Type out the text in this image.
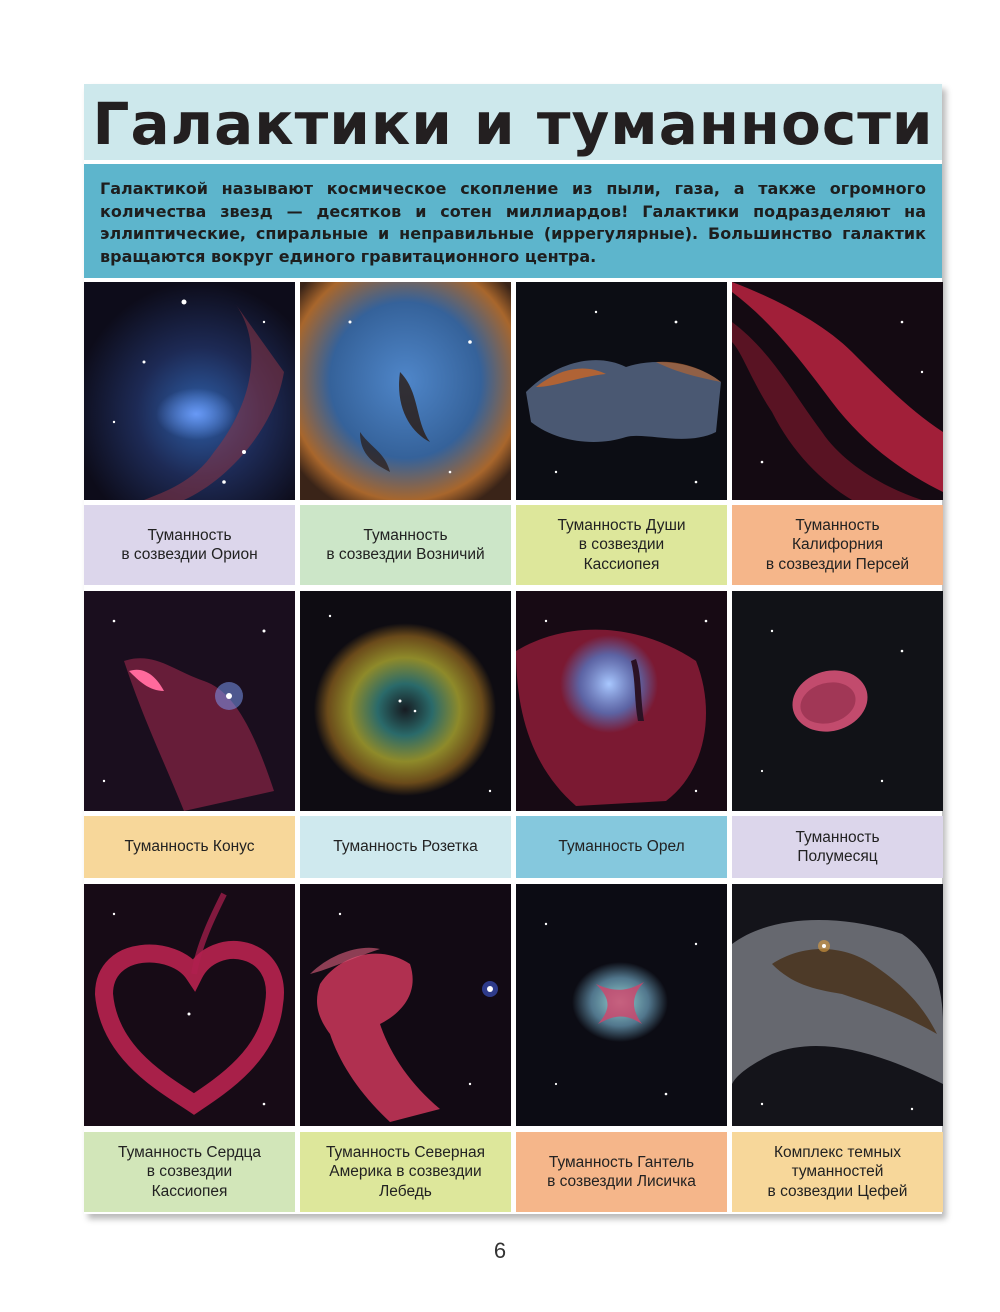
Галактики и туманности
Галактикой называют космическое скопление из пыли, газа, а также огромного количества звезд — десятков и сотен миллиардов! Галактики подразделяют на эллиптические, спиральные и неправильные (иррегулярные). Большинство галактик вращаются вокруг единого гравитационного центра.
Туманность
в созвездии Орион
Туманность
в созвездии Возничий
Туманность Души
в созвездии
Кассиопея
Туманность
Калифорния
в созвездии Персей
Туманность Конус	Туманность Розетка	Туманность Орел
Туманность
Полумесяц
Туманность Сердца
в созвездии
Кассиопея
Туманность Северная
Америка в созвездии
Лебедь
Туманность Гантель
в созвездии Лисичка
Комплекс темных
туманностей
в созвездии Цефей
6
